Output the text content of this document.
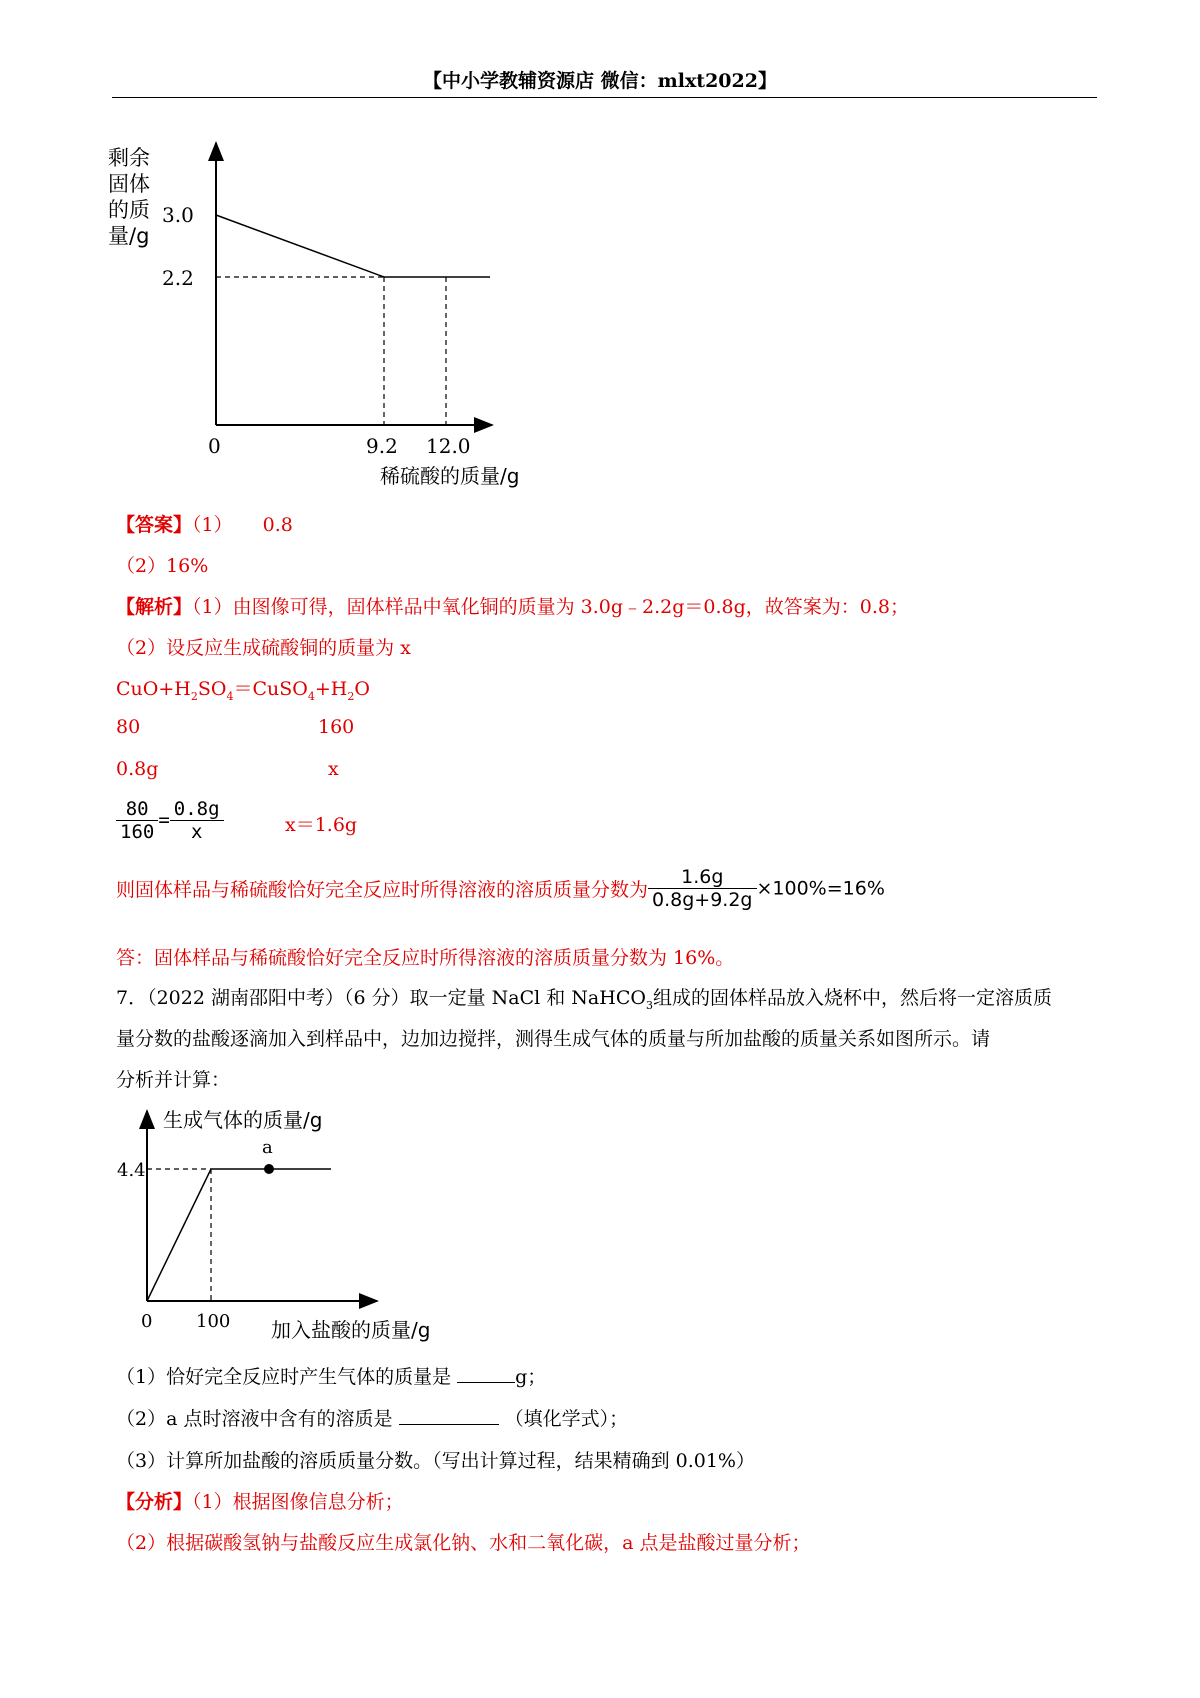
【中小学教辅资源店 微信：mlxt2022】
剩余
固体
的质
量/g
3.0
2.2
0	9.2 12.0
稀硫酸的质量/g
【答案】（1） 0.8
（2）16%
【解析】（1）由图像可得，固体样品中氧化铜的质量为 3.0g﹣2.2g＝0.8g，故答案为：0.8；
（2）设反应生成硫酸铜的质量为 x
$CuO+H_2SO_4=CuSO_4+H_2O$
80	160
0.8g	x
$\frac{80}{160} = \frac{0.8g}{x}$	x＝1.6g
则固体样品与稀硫酸恰好完全反应时所得溶液的溶质质量分数为 $\frac{1.6g}{0.8g+9.2g} \times 100\%=16\%$
答：固体样品与稀硫酸恰好完全反应时所得溶液的溶质质量分数为 16%。
7．（2022 湖南邵阳中考）（6 分）取一定量 NaCl 和 NaHCO$_3$组成的固体样品放入烧杯中，然后将一定溶质质
量分数的盐酸逐滴加入到样品中，边加边搅拌，测得生成气体的质量与所加盐酸的质量关系如图所示。请
分析并计算：
a
生成气体的质量/g
4.4
0 100 加入盐酸的质量/g
（1）恰好完全反应时产生气体的质量是	g；
（2）a 点时溶液中含有的溶质是	（填化学式）；
（3）计算所加盐酸的溶质质量分数。（写出计算过程，结果精确到 0.01%）
【分析】（1）根据图像信息分析；
（2）根据碳酸氢钠与盐酸反应生成氯化钠、水和二氧化碳，a 点是盐酸过量分析；
